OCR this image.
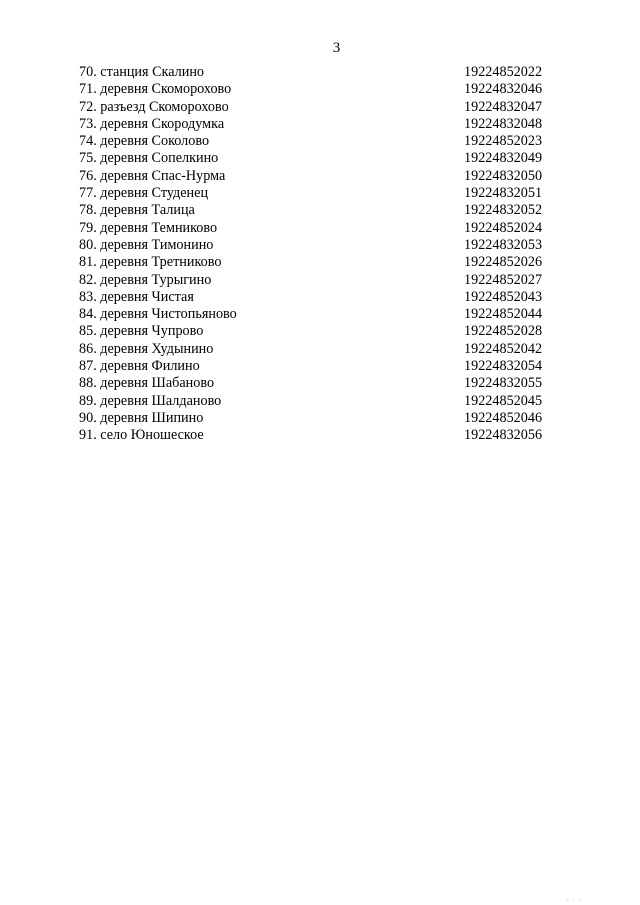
· ·
3
70. станция Скалино	19224852022
71. деревня Скоморохово	19224832046
72. разъезд Скоморохово	19224832047
73. деревня Скородумка	19224832048
74. деревня Соколово	19224852023
75. деревня Сопелкино	19224832049
76. деревня Спас-Нурма	19224832050
77. деревня Студенец	19224832051
78. деревня Талица	19224832052
79. деревня Темниково	19224852024
80. деревня Тимонино	19224832053
81. деревня Третниково	19224852026
82. деревня Турыгино	19224852027
83. деревня Чистая	19224852043
84. деревня Чистопьяново	19224852044
85. деревня Чупрово	19224852028
86. деревня Худынино	19224852042
87. деревня Филино	19224832054
88. деревня Шабаново	19224832055
89. деревня Шалданово	19224852045
90. деревня Шипино	19224852046
91. село Юношеское	19224832056
· · ·
